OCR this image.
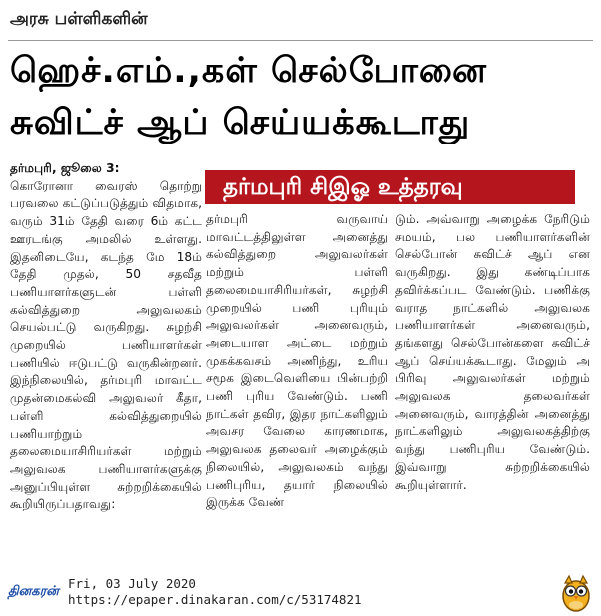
அரசு பள்ளிகளின்
ஹெச்.எம்.,கள் செல்போனை
சுவிட்ச் ஆப் செய்யக்கூடாது
தர்மபுரி சிஇஓ உத்தரவு

தர்மபுரி, ஜூலை 3:

கொரோனா வைரஸ் தொற்று பரவலை கட்டுப்படுத்தும் விதமாக, வரும் 31ம் தேதி வரை 6ம் கட்ட ஊரடங்கு அமலில் உள்ளது. இதனிடையே, கடந்த மே 18ம் தேதி முதல், 50 சதவீத பணியாளர்களுடன் பள்ளி கல்வித்துறை அலுவலகம் செயல்பட்டு வருகிறது. சுழற்சி முறையில் பணியாளர்கள் பணியில் ஈடுபட்டு வருகின்றனர். இந்நிலையில், தர்மபுரி மாவட்ட முதன்மைகல்வி அலுவலர் கீதா, பள்ளி கல்வித்துறையில் பணியாற்றும் தலைமையாசிரியர்கள் மற்றும் அலுவலக பணியாளர்களுக்கு அனுப்பியுள்ள சுற்றறிக்கையில் கூறியிருப்பதாவது:

தர்மபுரி வருவாய் மாவட்டத்திலுள்ள அனைத்து கல்வித்துறை அலுவலர்கள் மற்றும் பள்ளி தலைமையாசிரியர்கள், சுழற்சி முறையில் பணி புரியும் அலுவலர்கள் அனைவரும், அடையாள அட்டை மற்றும் முகக்கவசம் அணிந்து, உரிய சமூக இடைவெளியை பின்பற்றி பணி புரிய வேண்டும். பணி நாட்கள் தவிர, இதர நாட்களிலும் அவசர வேலை காரணமாக, அலுவலக தலைவர் அழைக்கும் நிலையில், அலுவலகம் வந்து பணிபுரிய, தயார் நிலையில் இருக்க வேண்

டும். அவ்வாறு அழைக்க நேரிடும் சமயம், பல பணியாளர்களின் செல்போன் சுவிட்ச் ஆப் என வருகிறது. இது கண்டிப்பாக தவிர்க்கப்பட வேண்டும். பணிக்கு வராத நாட்களில் அலுவலக பணியாளர்கள் அனைவரும், தங்களது செல்போன்களை சுவிட்ச் ஆப் செய்யக்கூடாது. மேலும் அ பிரிவு அலுவலர்கள் மற்றும் அலுவலக தலைவர்கள் அனைவரும், வாரத்தின் அனைத்து நாட்களிலும் அலுவலகத்திற்கு வந்து பணிபுரிய வேண்டும். இவ்வாறு சுற்றறிக்கையில் கூறியுள்ளார்.

தினகரன்
Fri, 03 July 2020
https://epaper.dinakaran.com/c/53174821
